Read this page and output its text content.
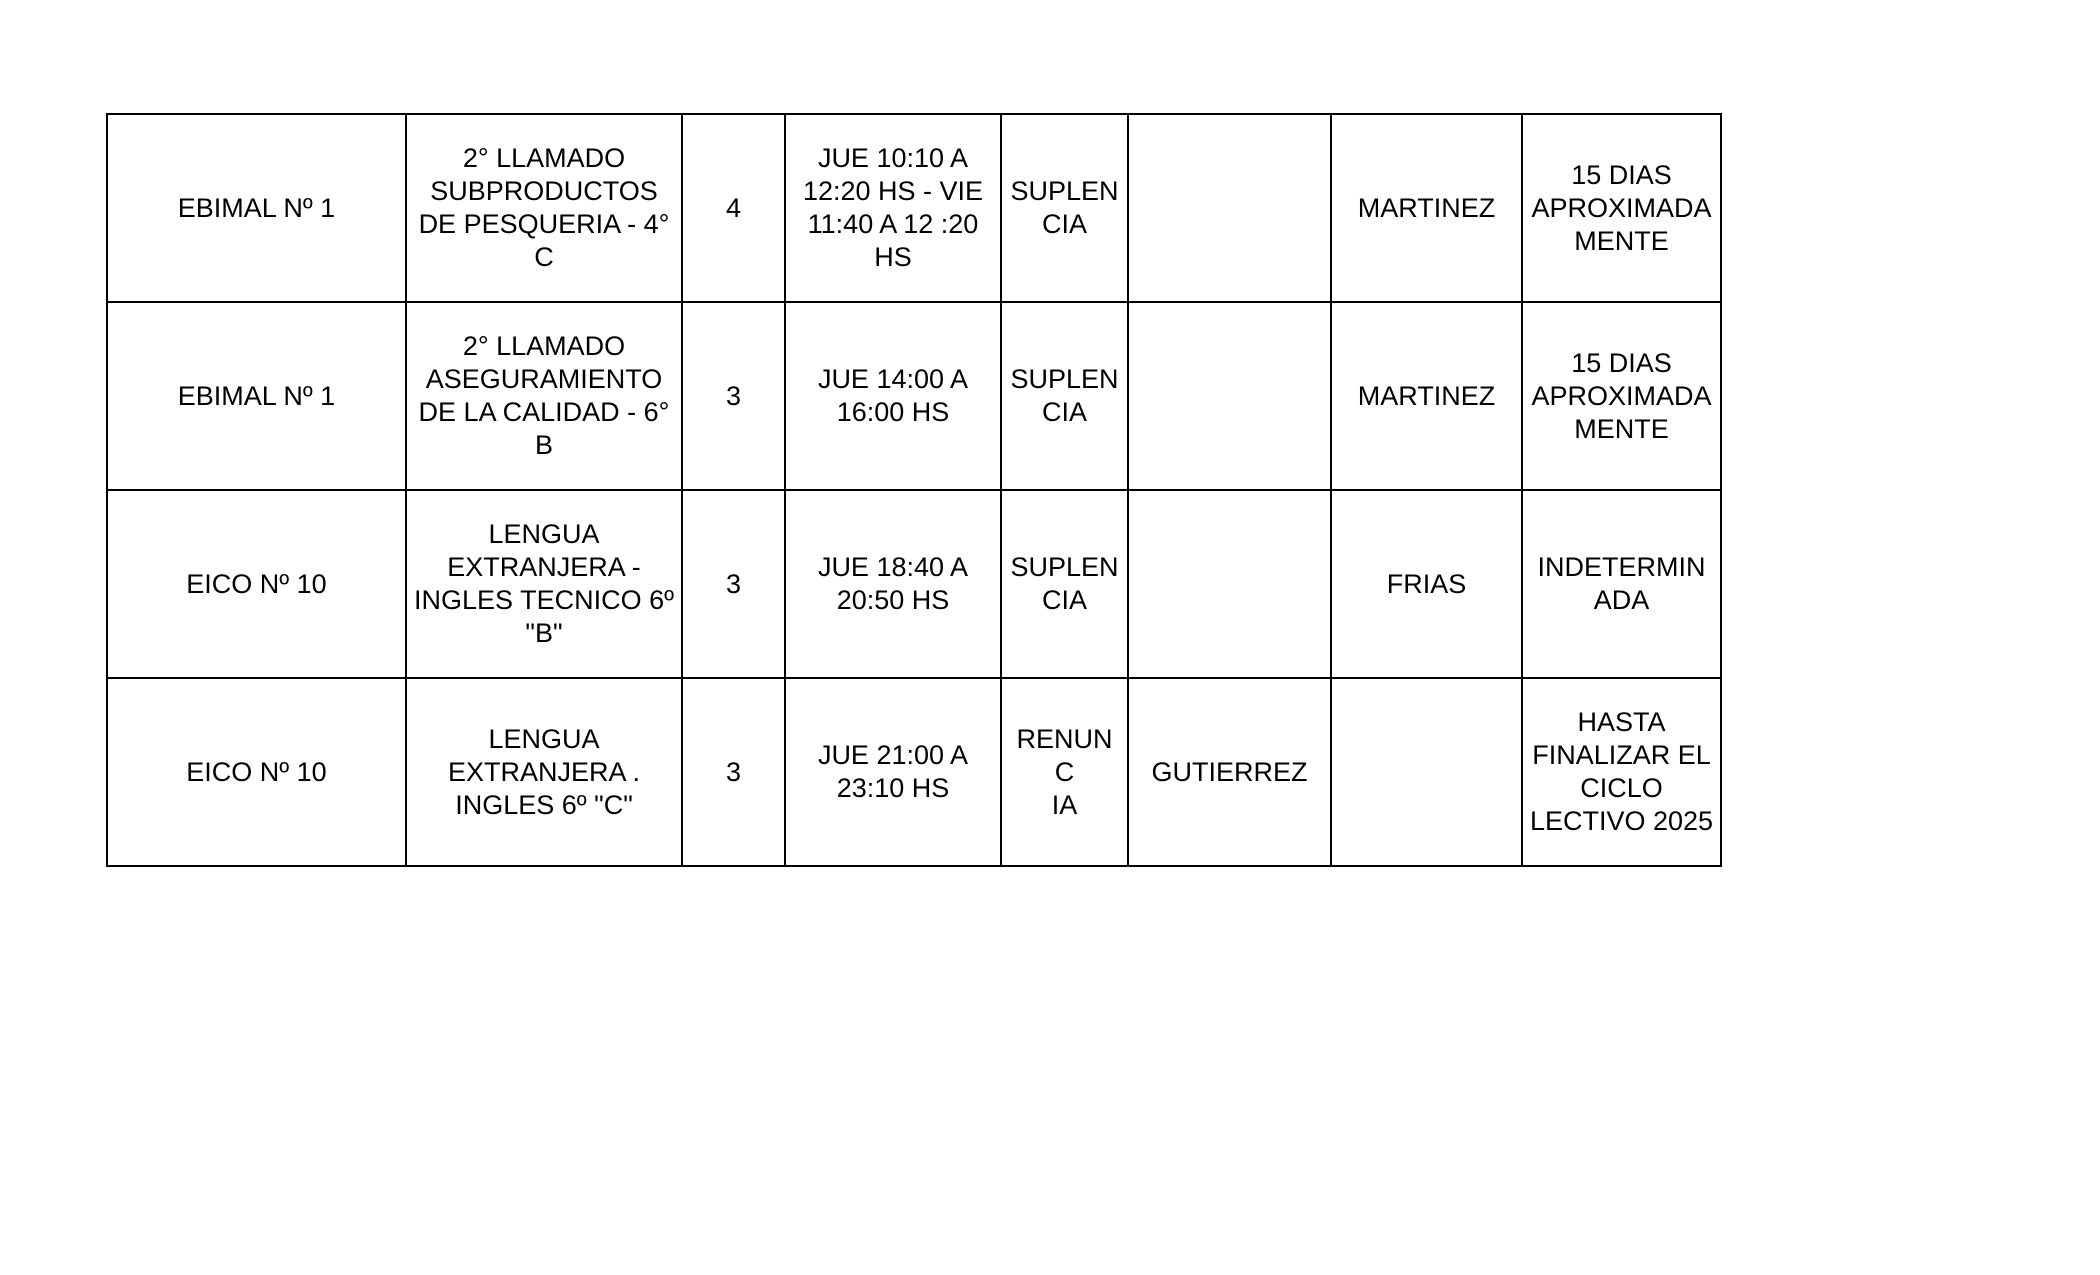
EBIMAL Nº 1	2° LLAMADO
SUBPRODUCTOS
DE PESQUERIA - 4°
C	4	JUE 10:10 A
12:20 HS - VIE
11:40 A 12 :20
HS	SUPLEN
CIA		MARTINEZ	15 DIAS
APROXIMADA
MENTE
EBIMAL Nº 1	2° LLAMADO
ASEGURAMIENTO
DE LA CALIDAD - 6°
B	3	JUE 14:00 A
16:00 HS	SUPLEN
CIA		MARTINEZ	15 DIAS
APROXIMADA
MENTE
EICO Nº 10	LENGUA
EXTRANJERA -
INGLES TECNICO 6º
"B"	3	JUE 18:40 A
20:50 HS	SUPLEN
CIA		FRIAS	INDETERMIN
ADA
EICO Nº 10	LENGUA
EXTRANJERA .
INGLES 6º "C"	3	JUE 21:00 A
23:10 HS	RENUNC
IA	GUTIERREZ		HASTA
FINALIZAR EL
CICLO
LECTIVO 2025
